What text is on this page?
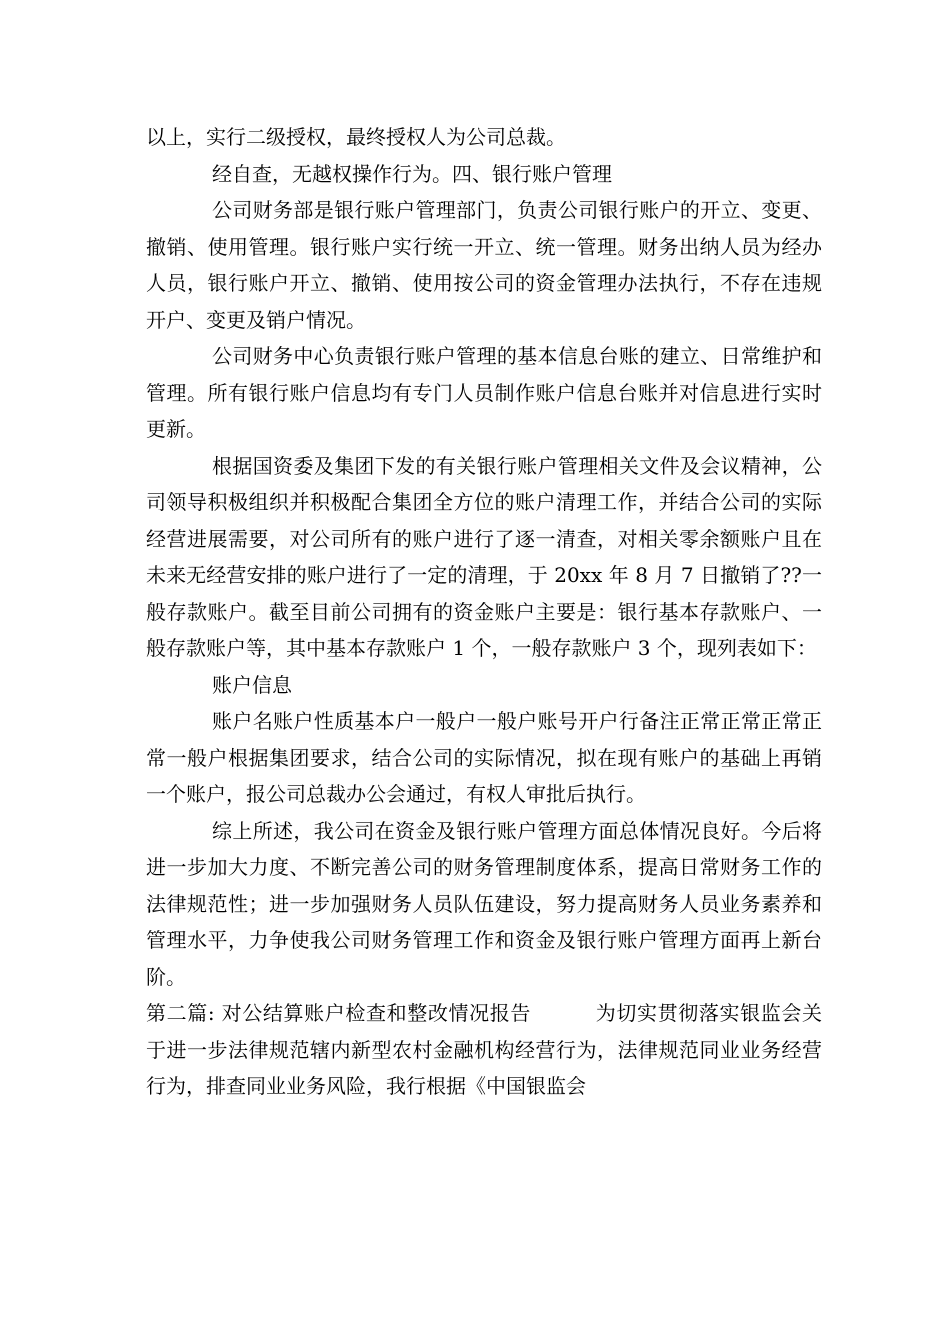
以上，实行二级授权，最终授权人为公司总裁。

经自查，无越权操作行为。四、银行账户管理

公司财务部是银行账户管理部门，负责公司银行账户的开立、变更、撤销、使用管理。银行账户实行统一开立、统一管理。财务出纳人员为经办人员，银行账户开立、撤销、使用按公司的资金管理办法执行，不存在违规开户、变更及销户情况。

公司财务中心负责银行账户管理的基本信息台账的建立、日常维护和管理。所有银行账户信息均有专门人员制作账户信息台账并对信息进行实时更新。

根据国资委及集团下发的有关银行账户管理相关文件及会议精神，公司领导积极组织并积极配合集团全方位的账户清理工作，并结合公司的实际经营进展需要，对公司所有的账户进行了逐一清查，对相关零余额账户且在未来无经营安排的账户进行了一定的清理，于 20xx 年 8 月 7 日撤销了??一般存款账户。截至目前公司拥有的资金账户主要是：银行基本存款账户、一般存款账户等，其中基本存款账户 1 个，一般存款账户 3 个，现列表如下：

账户信息

账户名账户性质基本户一般户一般户账号开户行备注正常正常正常正常一般户根据集团要求，结合公司的实际情况，拟在现有账户的基础上再销一个账户，报公司总裁办公会通过，有权人审批后执行。

综上所述，我公司在资金及银行账户管理方面总体情况良好。今后将进一步加大力度、不断完善公司的财务管理制度体系，提高日常财务工作的法律规范性；进一步加强财务人员队伍建设，努力提高财务人员业务素养和管理水平，力争使我公司财务管理工作和资金及银行账户管理方面再上新台阶。

第二篇: 对公结算账户检查和整改情况报告	为切实贯彻落实银监会关于进一步法律规范辖内新型农村金融机构经营行为，法律规范同业业务经营行为，排查同业业务风险，我行根据《中国银监会
